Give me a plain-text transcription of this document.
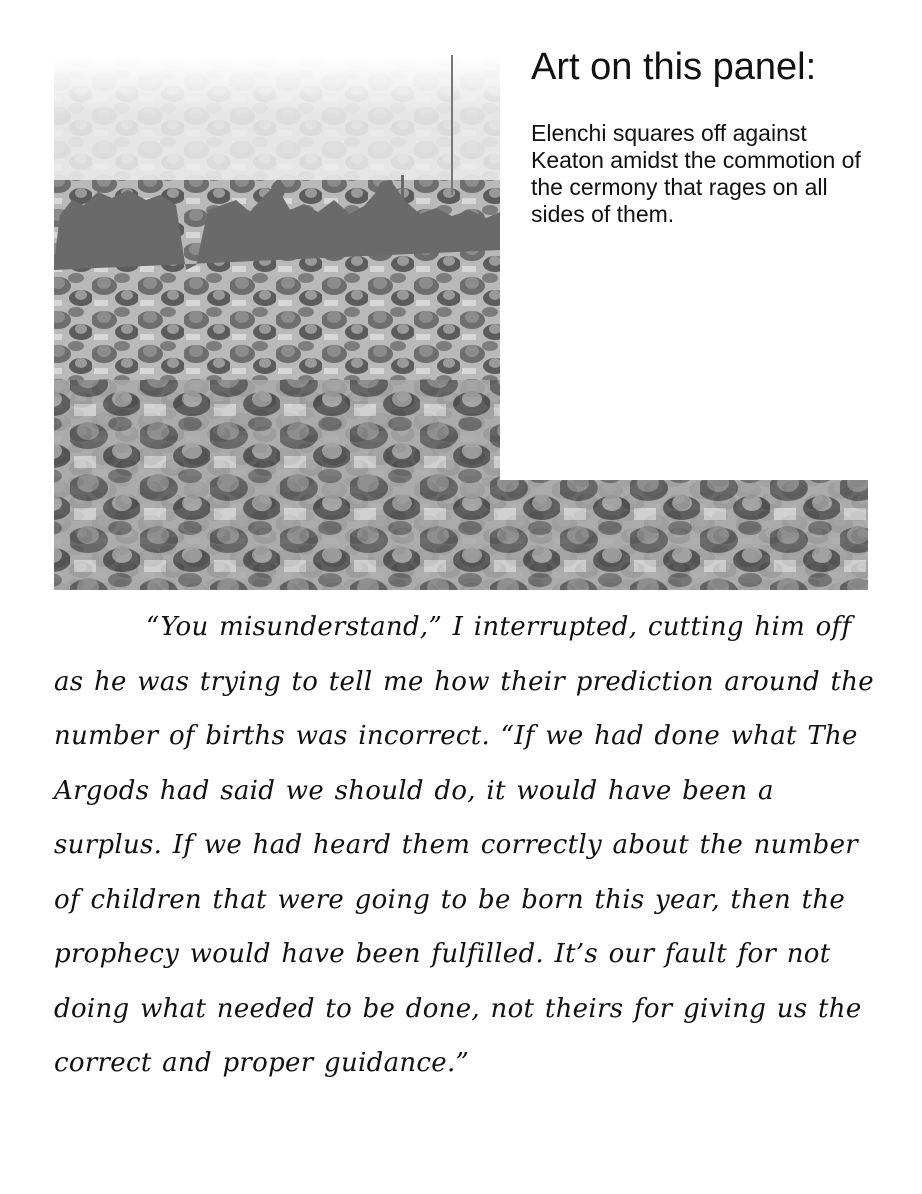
Art on this panel:

Elenchi squares off against Keaton amidst the commotion of the cermony that rages on all sides of them.

“You misunderstand,” I interrupted, cutting him off as he was trying to tell me how their prediction around the number of births was incorrect. “If we had done what The Argods had said we should do, it would have been a surplus. If we had heard them correctly about the number of children that were going to be born this year, then the prophecy would have been fulfilled. It’s our fault for not doing what needed to be done, not theirs for giving us the correct and proper guidance.”
